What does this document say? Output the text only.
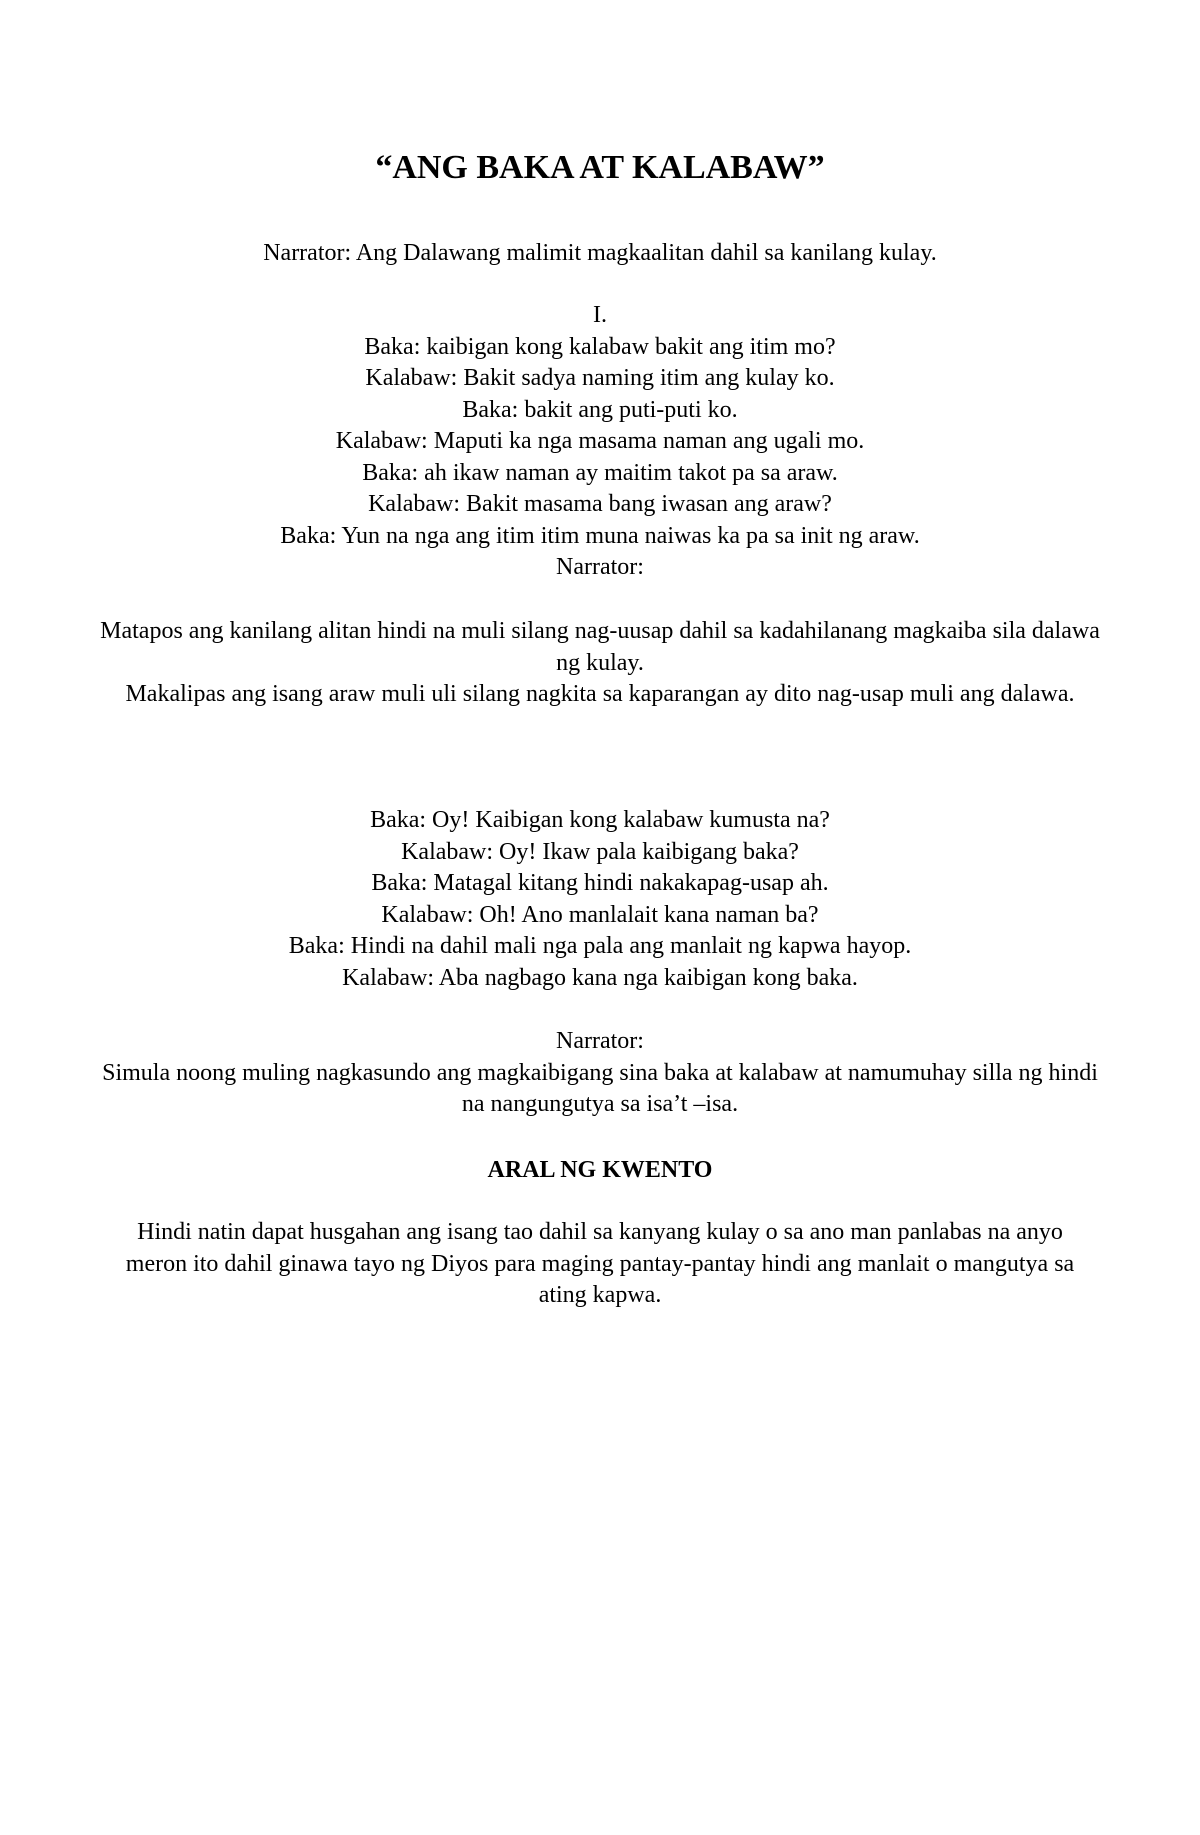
“ANG BAKA AT KALABAW”
Narrator: Ang Dalawang malimit magkaalitan dahil sa kanilang kulay.
I.
Baka: kaibigan kong kalabaw bakit ang itim mo?
Kalabaw: Bakit sadya naming itim ang kulay ko.
Baka: bakit ang puti-puti ko.
Kalabaw: Maputi ka nga masama naman ang ugali mo.
Baka: ah ikaw naman ay maitim takot pa sa araw.
Kalabaw: Bakit masama bang iwasan ang araw?
Baka: Yun na nga ang itim itim muna naiwas ka pa sa init ng araw.
Narrator:
Matapos ang kanilang alitan hindi na muli silang nag-uusap dahil sa kadahilanang magkaiba sila dalawa ng kulay.
Makalipas ang isang araw muli uli silang nagkita sa kaparangan ay dito nag-usap muli ang dalawa.
Baka: Oy! Kaibigan kong kalabaw kumusta na?
Kalabaw: Oy! Ikaw pala kaibigang baka?
Baka: Matagal kitang hindi nakakapag-usap ah.
Kalabaw: Oh! Ano manlalait kana naman ba?
Baka: Hindi na dahil mali nga pala ang manlait ng kapwa hayop.
Kalabaw: Aba nagbago kana nga kaibigan kong baka.
Narrator:
Simula noong muling nagkasundo ang magkaibigang sina baka at kalabaw at namumuhay silla ng hindi na nangungutya sa isa’t –isa.
ARAL NG KWENTO
Hindi natin dapat husgahan ang isang tao dahil sa kanyang kulay o sa ano man panlabas na anyo meron ito dahil ginawa tayo ng Diyos para maging pantay-pantay hindi ang manlait o mangutya sa ating kapwa.
